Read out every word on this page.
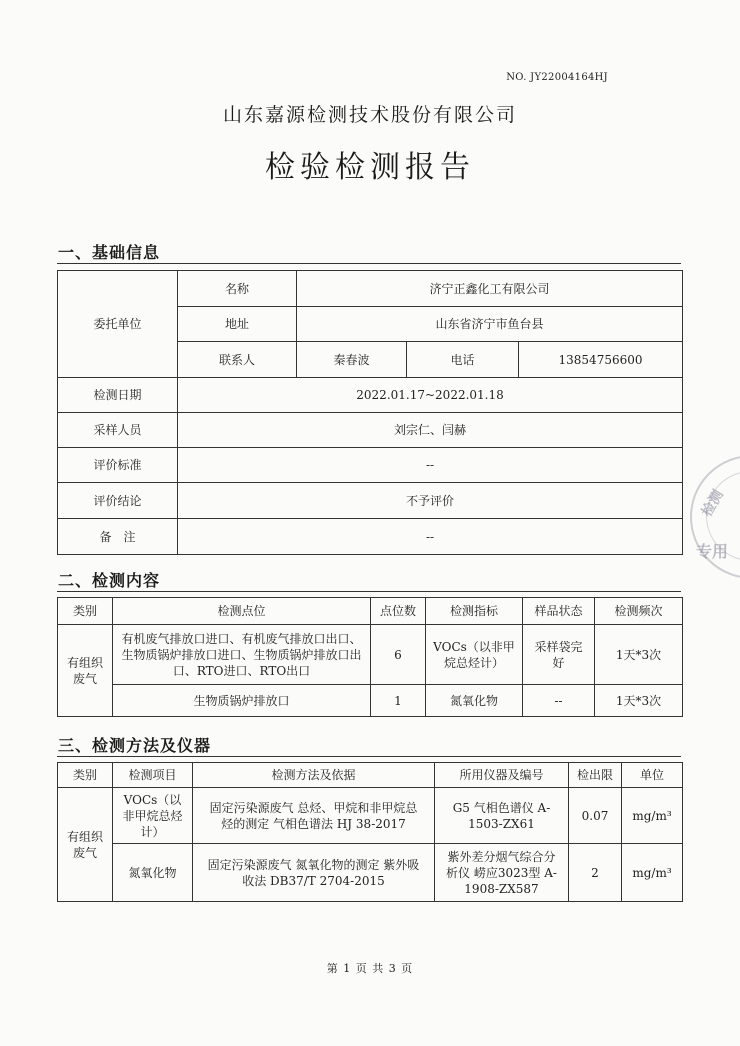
NO. JY22004164HJ
山东嘉源检测技术股份有限公司
检验检测报告
一、基础信息
委托单位	名称	济宁正鑫化工有限公司		
	地址	山东省济宁市鱼台县		
	联系人	秦春波	电话	13854756600
检测日期	2022.01.17~2022.01.18			
采样人员	刘宗仁、闫赫			
评价标准	--			
评价结论	不予评价			
备　注	--			
二、检测内容
类别	检测点位	点位数	检测指标	样品状态	检测频次
有组织废气	有机废气排放口进口、有机废气排放口出口、生物质锅炉排放口进口、生物质锅炉排放口出口、RTO进口、RTO出口	6	VOCs（以非甲烷总烃计）	采样袋完好	1天*3次
	生物质锅炉排放口	1	氮氧化物	--	1天*3次
三、检测方法及仪器
类别	检测项目	检测方法及依据	所用仪器及编号	检出限	单位
有组织废气	VOCs（以非甲烷总烃计）	固定污染源废气 总烃、甲烷和非甲烷总烃的测定 气相色谱法 HJ 38-2017	G5 气相色谱仪 A-1503-ZX61	0.07	mg/m³
	氮氧化物	固定污染源废气 氮氧化物的测定 紫外吸收法 DB37/T 2704-2015	紫外差分烟气综合分析仪 崂应3023型 A-1908-ZX587	2	mg/m³
检测
专用
第 1 页 共 3 页
